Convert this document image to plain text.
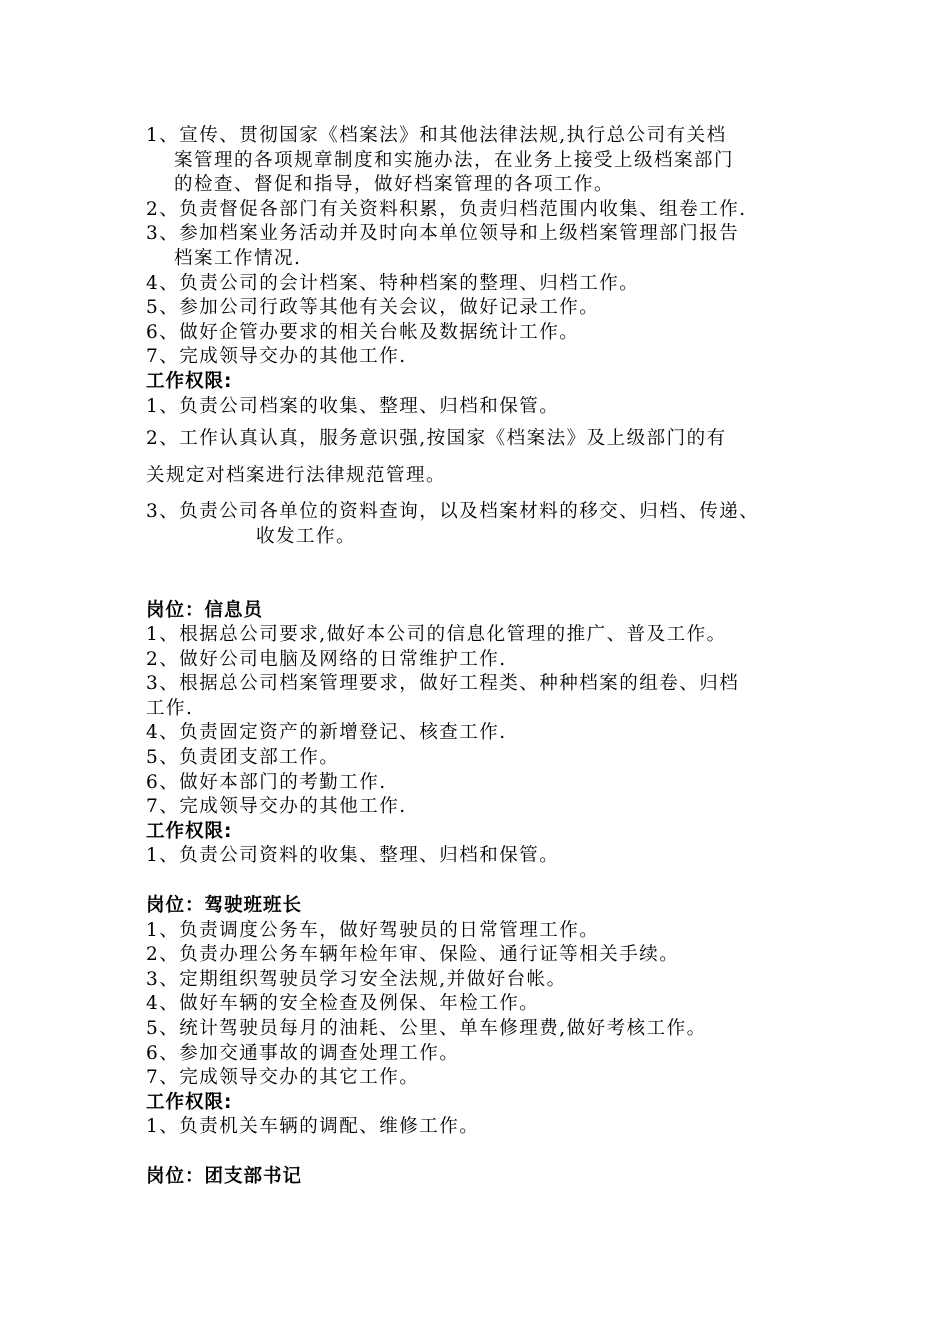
1、宣传、贯彻国家《档案法》和其他法律法规,执行总公司有关档
案管理的各项规章制度和实施办法，在业务上接受上级档案部门
的检查、督促和指导，做好档案管理的各项工作。
2、负责督促各部门有关资料积累，负责归档范围内收集、组卷工作.
3、参加档案业务活动并及时向本单位领导和上级档案管理部门报告
档案工作情况.
4、负责公司的会计档案、特种档案的整理、归档工作。
5、参加公司行政等其他有关会议，做好记录工作。
6、做好企管办要求的相关台帐及数据统计工作。
7、完成领导交办的其他工作.
工作权限:
1、负责公司档案的收集、整理、归档和保管。
2、工作认真认真，服务意识强,按国家《档案法》及上级部门的有
关规定对档案进行法律规范管理。
3、负责公司各单位的资料查询，以及档案材料的移交、归档、传递、
收发工作。
岗位：信息员
1、根据总公司要求,做好本公司的信息化管理的推广、普及工作。
2、做好公司电脑及网络的日常维护工作.
3、根据总公司档案管理要求，做好工程类、种种档案的组卷、归档
工作.
4、负责固定资产的新增登记、核查工作.
5、负责团支部工作。
6、做好本部门的考勤工作.
7、完成领导交办的其他工作.
工作权限:
1、负责公司资料的收集、整理、归档和保管。
岗位：驾驶班班长
1、负责调度公务车，做好驾驶员的日常管理工作。
2、负责办理公务车辆年检年审、保险、通行证等相关手续。
3、定期组织驾驶员学习安全法规,并做好台帐。
4、做好车辆的安全检查及例保、年检工作。
5、统计驾驶员每月的油耗、公里、单车修理费,做好考核工作。
6、参加交通事故的调查处理工作。
7、完成领导交办的其它工作。
工作权限:
1、负责机关车辆的调配、维修工作。
岗位：团支部书记
